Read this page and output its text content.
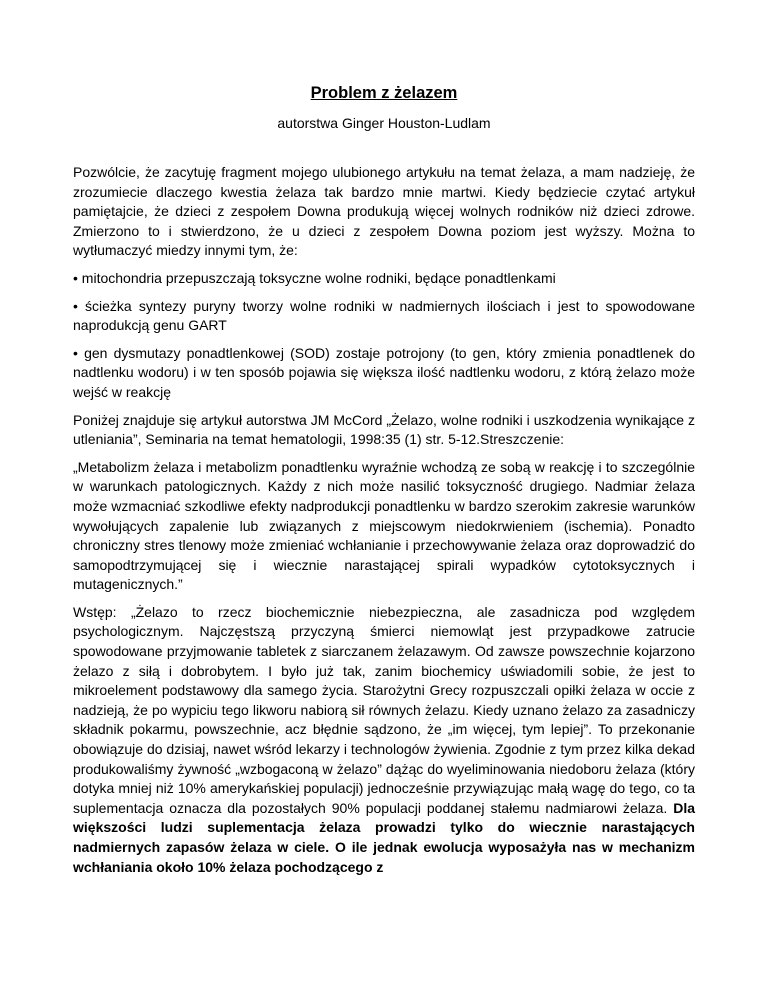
Problem z żelazem

autorstwa Ginger Houston-Ludlam

Pozwólcie, że zacytuję fragment mojego ulubionego artykułu na temat żelaza, a mam nadzieję, że zrozumiecie dlaczego kwestia żelaza tak bardzo mnie martwi. Kiedy będziecie czytać artykuł pamiętajcie, że dzieci z zespołem Downa produkują więcej wolnych rodników niż dzieci zdrowe. Zmierzono to i stwierdzono, że u dzieci z zespołem Downa poziom jest wyższy. Można to wytłumaczyć miedzy innymi tym, że:

• mitochondria przepuszczają toksyczne wolne rodniki, będące ponadtlenkami

• ścieżka syntezy puryny tworzy wolne rodniki w nadmiernych ilościach i jest to spowodowane naprodukcją genu GART

• gen dysmutazy ponadtlenkowej (SOD) zostaje potrojony (to gen, który zmienia ponadtlenek do nadtlenku wodoru) i w ten sposób pojawia się większa ilość nadtlenku wodoru, z którą żelazo może wejść w reakcję

Poniżej znajduje się artykuł autorstwa JM McCord „Żelazo, wolne rodniki i uszkodzenia wynikające z utleniania”, Seminaria na temat hematologii, 1998:35 (1) str. 5-12.Streszczenie:

„Metabolizm żelaza i metabolizm ponadtlenku wyraźnie wchodzą ze sobą w reakcję i to szczególnie w warunkach patologicznych. Każdy z nich może nasilić toksyczność drugiego. Nadmiar żelaza może wzmacniać szkodliwe efekty nadprodukcji ponadtlenku w bardzo szerokim zakresie warunków wywołujących zapalenie lub związanych z miejscowym niedokrwieniem (ischemia). Ponadto chroniczny stres tlenowy może zmieniać wchłanianie i przechowywanie żelaza oraz doprowadzić do samopodtrzymującej się i wiecznie narastającej spirali wypadków cytotoksycznych i mutagenicznych.”

Wstęp: „Żelazo to rzecz biochemicznie niebezpieczna, ale zasadnicza pod względem psychologicznym. Najczęstszą przyczyną śmierci niemowląt jest przypadkowe zatrucie spowodowane przyjmowanie tabletek z siarczanem żelazawym. Od zawsze powszechnie kojarzono żelazo z siłą i dobrobytem. I było już tak, zanim biochemicy uświadomili sobie, że jest to mikroelement podstawowy dla samego życia. Starożytni Grecy rozpuszczali opiłki żelaza w occie z nadzieją, że po wypiciu tego likworu nabiorą sił równych żelazu. Kiedy uznano żelazo za zasadniczy składnik pokarmu, powszechnie, acz błędnie sądzono, że „im więcej, tym lepiej”. To przekonanie obowiązuje do dzisiaj, nawet wśród lekarzy i technologów żywienia. Zgodnie z tym przez kilka dekad produkowaliśmy żywność „wzbogaconą w żelazo” dążąc do wyeliminowania niedoboru żelaza (który dotyka mniej niż 10% amerykańskiej populacji) jednocześnie przywiązując małą wagę do tego, co ta suplementacja oznacza dla pozostałych 90% populacji poddanej stałemu nadmiarowi żelaza. Dla większości ludzi suplementacja żelaza prowadzi tylko do wiecznie narastających nadmiernych zapasów żelaza w ciele. O ile jednak ewolucja wyposażyła nas w mechanizm wchłaniania około 10% żelaza pochodzącego z
